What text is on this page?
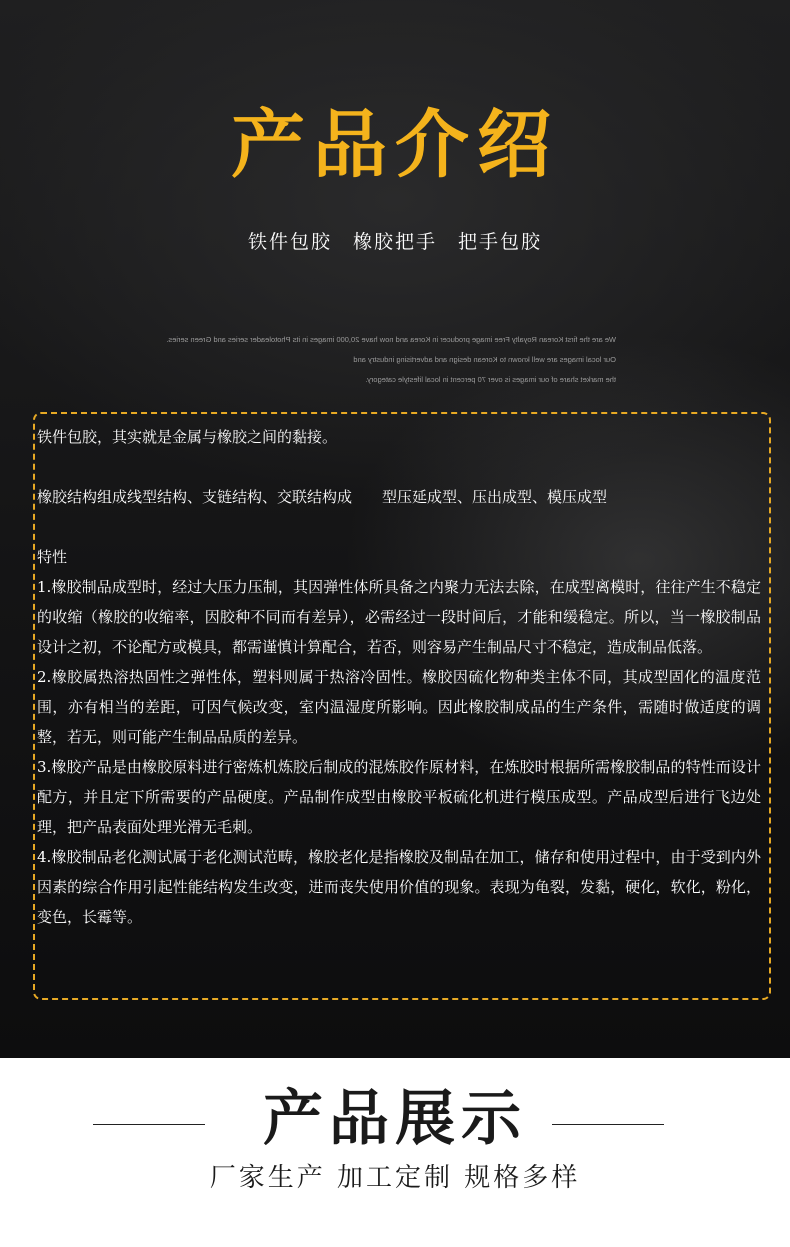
产品介绍
铁件包胶　橡胶把手　把手包胶
We are the first Korean Royalty Free image producer in Korea and now have 20,000 images in its Photoleader series and Green series.
Our local images are well known to Korean design and advertising industry and
the market share of our images is over 70 percent in local lifestyle category.

铁件包胶，其实就是金属与橡胶之间的黏接。

橡胶结构组成线型结构、支链结构、交联结构成　　型压延成型、压出成型、模压成型

特性

1.橡胶制品成型时，经过大压力压制，其因弹性体所具备之内聚力无法去除，在成型离模时，往往产生不稳定的收缩（橡胶的收缩率，因胶种不同而有差异），必需经过一段时间后，才能和缓稳定。所以，当一橡胶制品设计之初，不论配方或模具，都需谨慎计算配合，若否，则容易产生制品尺寸不稳定，造成制品低落。

2.橡胶属热溶热固性之弹性体，塑料则属于热溶冷固性。橡胶因硫化物种类主体不同，其成型固化的温度范围，亦有相当的差距，可因气候改变，室内温湿度所影响。因此橡胶制成品的生产条件，需随时做适度的调整，若无，则可能产生制品品质的差异。

3.橡胶产品是由橡胶原料进行密炼机炼胶后制成的混炼胶作原材料，在炼胶时根据所需橡胶制品的特性而设计配方，并且定下所需要的产品硬度。产品制作成型由橡胶平板硫化机进行模压成型。产品成型后进行飞边处理，把产品表面处理光滑无毛刺。

4.橡胶制品老化测试属于老化测试范畴，橡胶老化是指橡胶及制品在加工，储存和使用过程中，由于受到内外因素的综合作用引起性能结构发生改变，进而丧失使用价值的现象。表现为龟裂，发黏，硬化，软化，粉化，变色，长霉等。

产品展示
厂家生产 加工定制 规格多样
